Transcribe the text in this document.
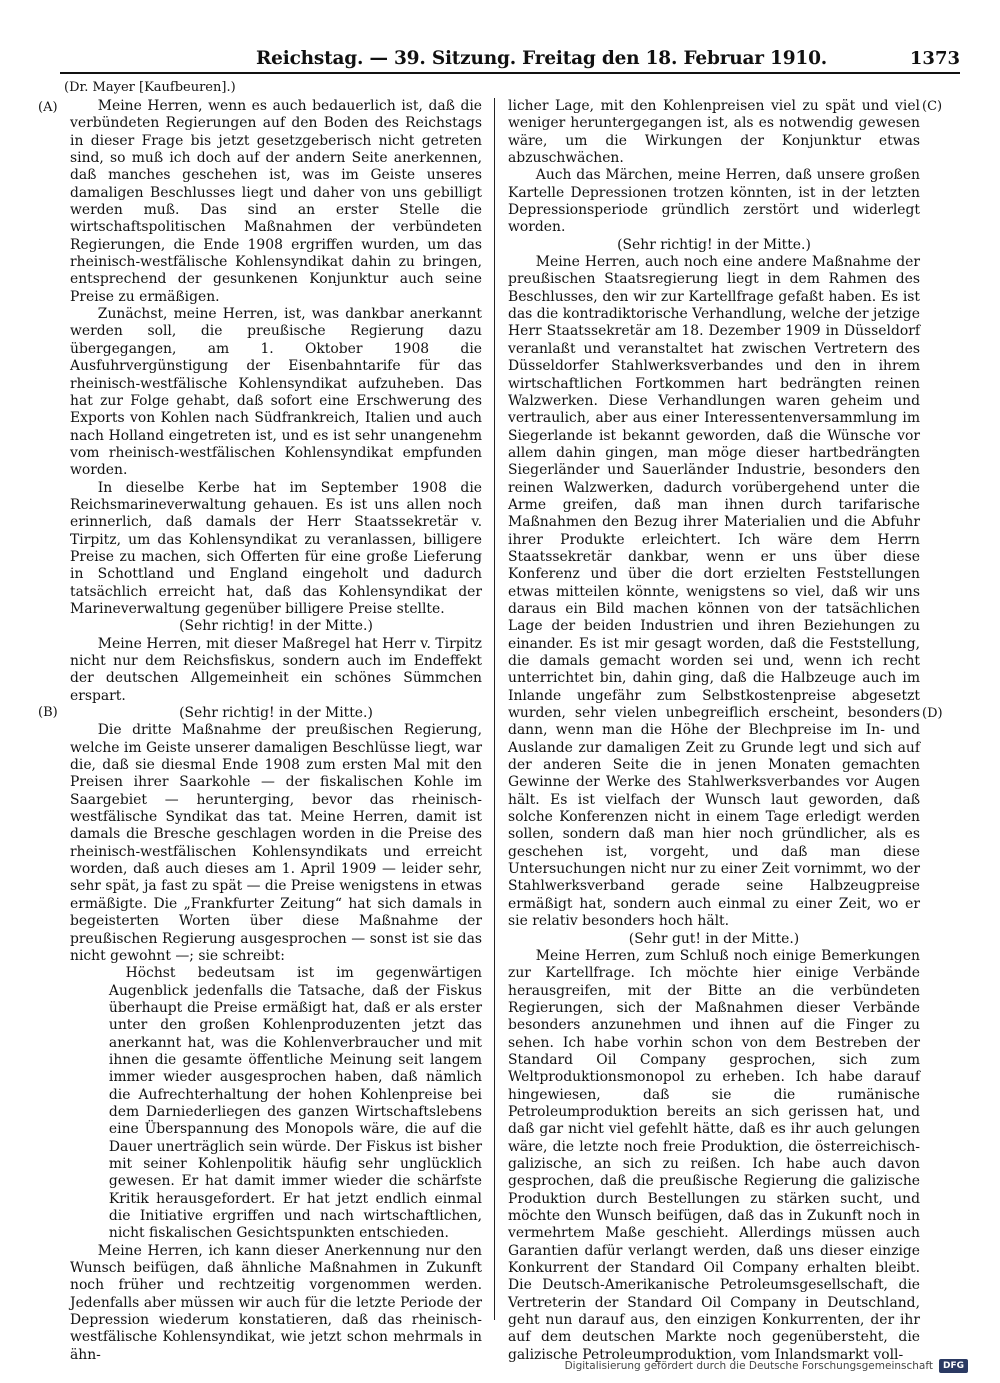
Reichstag. — 39. Sitzung. Freitag den 18. Februar 1910.	1373
(Dr. Mayer [Kaufbeuren].)
(A)
(B)
(C)
(D)

Meine Herren, wenn es auch bedauerlich ist, daß die verbündeten Regierungen auf den Boden des Reichstags in dieser Frage bis jetzt gesetzgeberisch nicht getreten sind, so muß ich doch auf der andern Seite anerkennen, daß manches geschehen ist, was im Geiste unseres damaligen Beschlusses liegt und daher von uns gebilligt werden muß. Das sind an erster Stelle die wirtschaftspolitischen Maßnahmen der verbündeten Regierungen, die Ende 1908 ergriffen wurden, um das rheinisch-westfälische Kohlensyndikat dahin zu bringen, entsprechend der gesunkenen Konjunktur auch seine Preise zu ermäßigen.

Zunächst, meine Herren, ist, was dankbar anerkannt werden soll, die preußische Regierung dazu übergegangen, am 1. Oktober 1908 die Ausfuhrvergünstigung der Eisenbahntarife für das rheinisch-westfälische Kohlensyndikat aufzuheben. Das hat zur Folge gehabt, daß sofort eine Erschwerung des Exports von Kohlen nach Südfrankreich, Italien und auch nach Holland eingetreten ist, und es ist sehr unangenehm vom rheinisch-westfälischen Kohlensyndikat empfunden worden.

In dieselbe Kerbe hat im September 1908 die Reichsmarineverwaltung gehauen. Es ist uns allen noch erinnerlich, daß damals der Herr Staatssekretär v. Tirpitz, um das Kohlensyndikat zu veranlassen, billigere Preise zu machen, sich Offerten für eine große Lieferung in Schottland und England eingeholt und dadurch tatsächlich erreicht hat, daß das Kohlensyndikat der Marineverwaltung gegenüber billigere Preise stellte.

(Sehr richtig! in der Mitte.)

Meine Herren, mit dieser Maßregel hat Herr v. Tirpitz nicht nur dem Reichsfiskus, sondern auch im Endeffekt der deutschen Allgemeinheit ein schönes Sümmchen erspart.

(Sehr richtig! in der Mitte.)

Die dritte Maßnahme der preußischen Regierung, welche im Geiste unserer damaligen Beschlüsse liegt, war die, daß sie diesmal Ende 1908 zum ersten Mal mit den Preisen ihrer Saarkohle — der fiskalischen Kohle im Saargebiet — herunterging, bevor das rheinisch-westfälische Syndikat das tat. Meine Herren, damit ist damals die Bresche geschlagen worden in die Preise des rheinisch-westfälischen Kohlensyndikats und erreicht worden, daß auch dieses am 1. April 1909 — leider sehr, sehr spät, ja fast zu spät — die Preise wenigstens in etwas ermäßigte. Die „Frankfurter Zeitung“ hat sich damals in begeisterten Worten über diese Maßnahme der preußischen Regierung ausgesprochen — sonst ist sie das nicht gewohnt —; sie schreibt:

Höchst bedeutsam ist im gegenwärtigen Augenblick jedenfalls die Tatsache, daß der Fiskus überhaupt die Preise ermäßigt hat, daß er als erster unter den großen Kohlenproduzenten jetzt das anerkannt hat, was die Kohlenverbraucher und mit ihnen die gesamte öffentliche Meinung seit langem immer wieder ausgesprochen haben, daß nämlich die Aufrechterhaltung der hohen Kohlenpreise bei dem Darniederliegen des ganzen Wirtschaftslebens eine Überspannung des Monopols wäre, die auf die Dauer unerträglich sein würde. Der Fiskus ist bisher mit seiner Kohlenpolitik häufig sehr unglücklich gewesen. Er hat damit immer wieder die schärfste Kritik herausgefordert. Er hat jetzt endlich einmal die Initiative ergriffen und nach wirtschaftlichen, nicht fiskalischen Gesichtspunkten entschieden.

Meine Herren, ich kann dieser Anerkennung nur den Wunsch beifügen, daß ähnliche Maßnahmen in Zukunft noch früher und rechtzeitig vorgenommen werden. Jedenfalls aber müssen wir auch für die letzte Periode der Depression wiederum konstatieren, daß das rheinisch-westfälische Kohlensyndikat, wie jetzt schon mehrmals in ähn-

licher Lage, mit den Kohlenpreisen viel zu spät und viel weniger heruntergegangen ist, als es notwendig gewesen wäre, um die Wirkungen der Konjunktur etwas abzuschwächen.

Auch das Märchen, meine Herren, daß unsere großen Kartelle Depressionen trotzen könnten, ist in der letzten Depressionsperiode gründlich zerstört und widerlegt worden.

(Sehr richtig! in der Mitte.)

Meine Herren, auch noch eine andere Maßnahme der preußischen Staatsregierung liegt in dem Rahmen des Beschlusses, den wir zur Kartellfrage gefaßt haben. Es ist das die kontradiktorische Verhandlung, welche der jetzige Herr Staatssekretär am 18. Dezember 1909 in Düsseldorf veranlaßt und veranstaltet hat zwischen Vertretern des Düsseldorfer Stahlwerksverbandes und den in ihrem wirtschaftlichen Fortkommen hart bedrängten reinen Walzwerken. Diese Verhandlungen waren geheim und vertraulich, aber aus einer Interessentenversammlung im Siegerlande ist bekannt geworden, daß die Wünsche vor allem dahin gingen, man möge dieser hartbedrängten Siegerländer und Sauerländer Industrie, besonders den reinen Walzwerken, dadurch vorübergehend unter die Arme greifen, daß man ihnen durch tarifarische Maßnahmen den Bezug ihrer Materialien und die Abfuhr ihrer Produkte erleichtert. Ich wäre dem Herrn Staatssekretär dankbar, wenn er uns über diese Konferenz und über die dort erzielten Feststellungen etwas mitteilen könnte, wenigstens so viel, daß wir uns daraus ein Bild machen können von der tatsächlichen Lage der beiden Industrien und ihren Beziehungen zu einander. Es ist mir gesagt worden, daß die Feststellung, die damals gemacht worden sei und, wenn ich recht unterrichtet bin, dahin ging, daß die Halbzeuge auch im Inlande ungefähr zum Selbstkostenpreise abgesetzt wurden, sehr vielen unbegreiflich erscheint, besonders dann, wenn man die Höhe der Blechpreise im In- und Auslande zur damaligen Zeit zu Grunde legt und sich auf der anderen Seite die in jenen Monaten gemachten Gewinne der Werke des Stahlwerksverbandes vor Augen hält. Es ist vielfach der Wunsch laut geworden, daß solche Konferenzen nicht in einem Tage erledigt werden sollen, sondern daß man hier noch gründlicher, als es geschehen ist, vorgeht, und daß man diese Untersuchungen nicht nur zu einer Zeit vornimmt, wo der Stahlwerksverband gerade seine Halbzeugpreise ermäßigt hat, sondern auch einmal zu einer Zeit, wo er sie relativ besonders hoch hält.

(Sehr gut! in der Mitte.)

Meine Herren, zum Schluß noch einige Bemerkungen zur Kartellfrage. Ich möchte hier einige Verbände herausgreifen, mit der Bitte an die verbündeten Regierungen, sich der Maßnahmen dieser Verbände besonders anzunehmen und ihnen auf die Finger zu sehen. Ich habe vorhin schon von dem Bestreben der Standard Oil Company gesprochen, sich zum Weltproduktionsmonopol zu erheben. Ich habe darauf hingewiesen, daß sie die rumänische Petroleumproduktion bereits an sich gerissen hat, und daß gar nicht viel gefehlt hätte, daß es ihr auch gelungen wäre, die letzte noch freie Produktion, die österreichisch-galizische, an sich zu reißen. Ich habe auch davon gesprochen, daß die preußische Regierung die galizische Produktion durch Bestellungen zu stärken sucht, und möchte den Wunsch beifügen, daß das in Zukunft noch in vermehrtem Maße geschieht. Allerdings müssen auch Garantien dafür verlangt werden, daß uns dieser einzige Konkurrent der Standard Oil Company erhalten bleibt. Die Deutsch-Amerikanische Petroleumsgesellschaft, die Vertreterin der Standard Oil Company in Deutschland, geht nun darauf aus, den einzigen Konkurrenten, der ihr auf dem deutschen Markte noch gegenübersteht, die galizische Petroleumproduktion, vom Inlandsmarkt voll-

Digitalisierung gefördert durch die Deutsche Forschungsgemeinschaft	DFG
